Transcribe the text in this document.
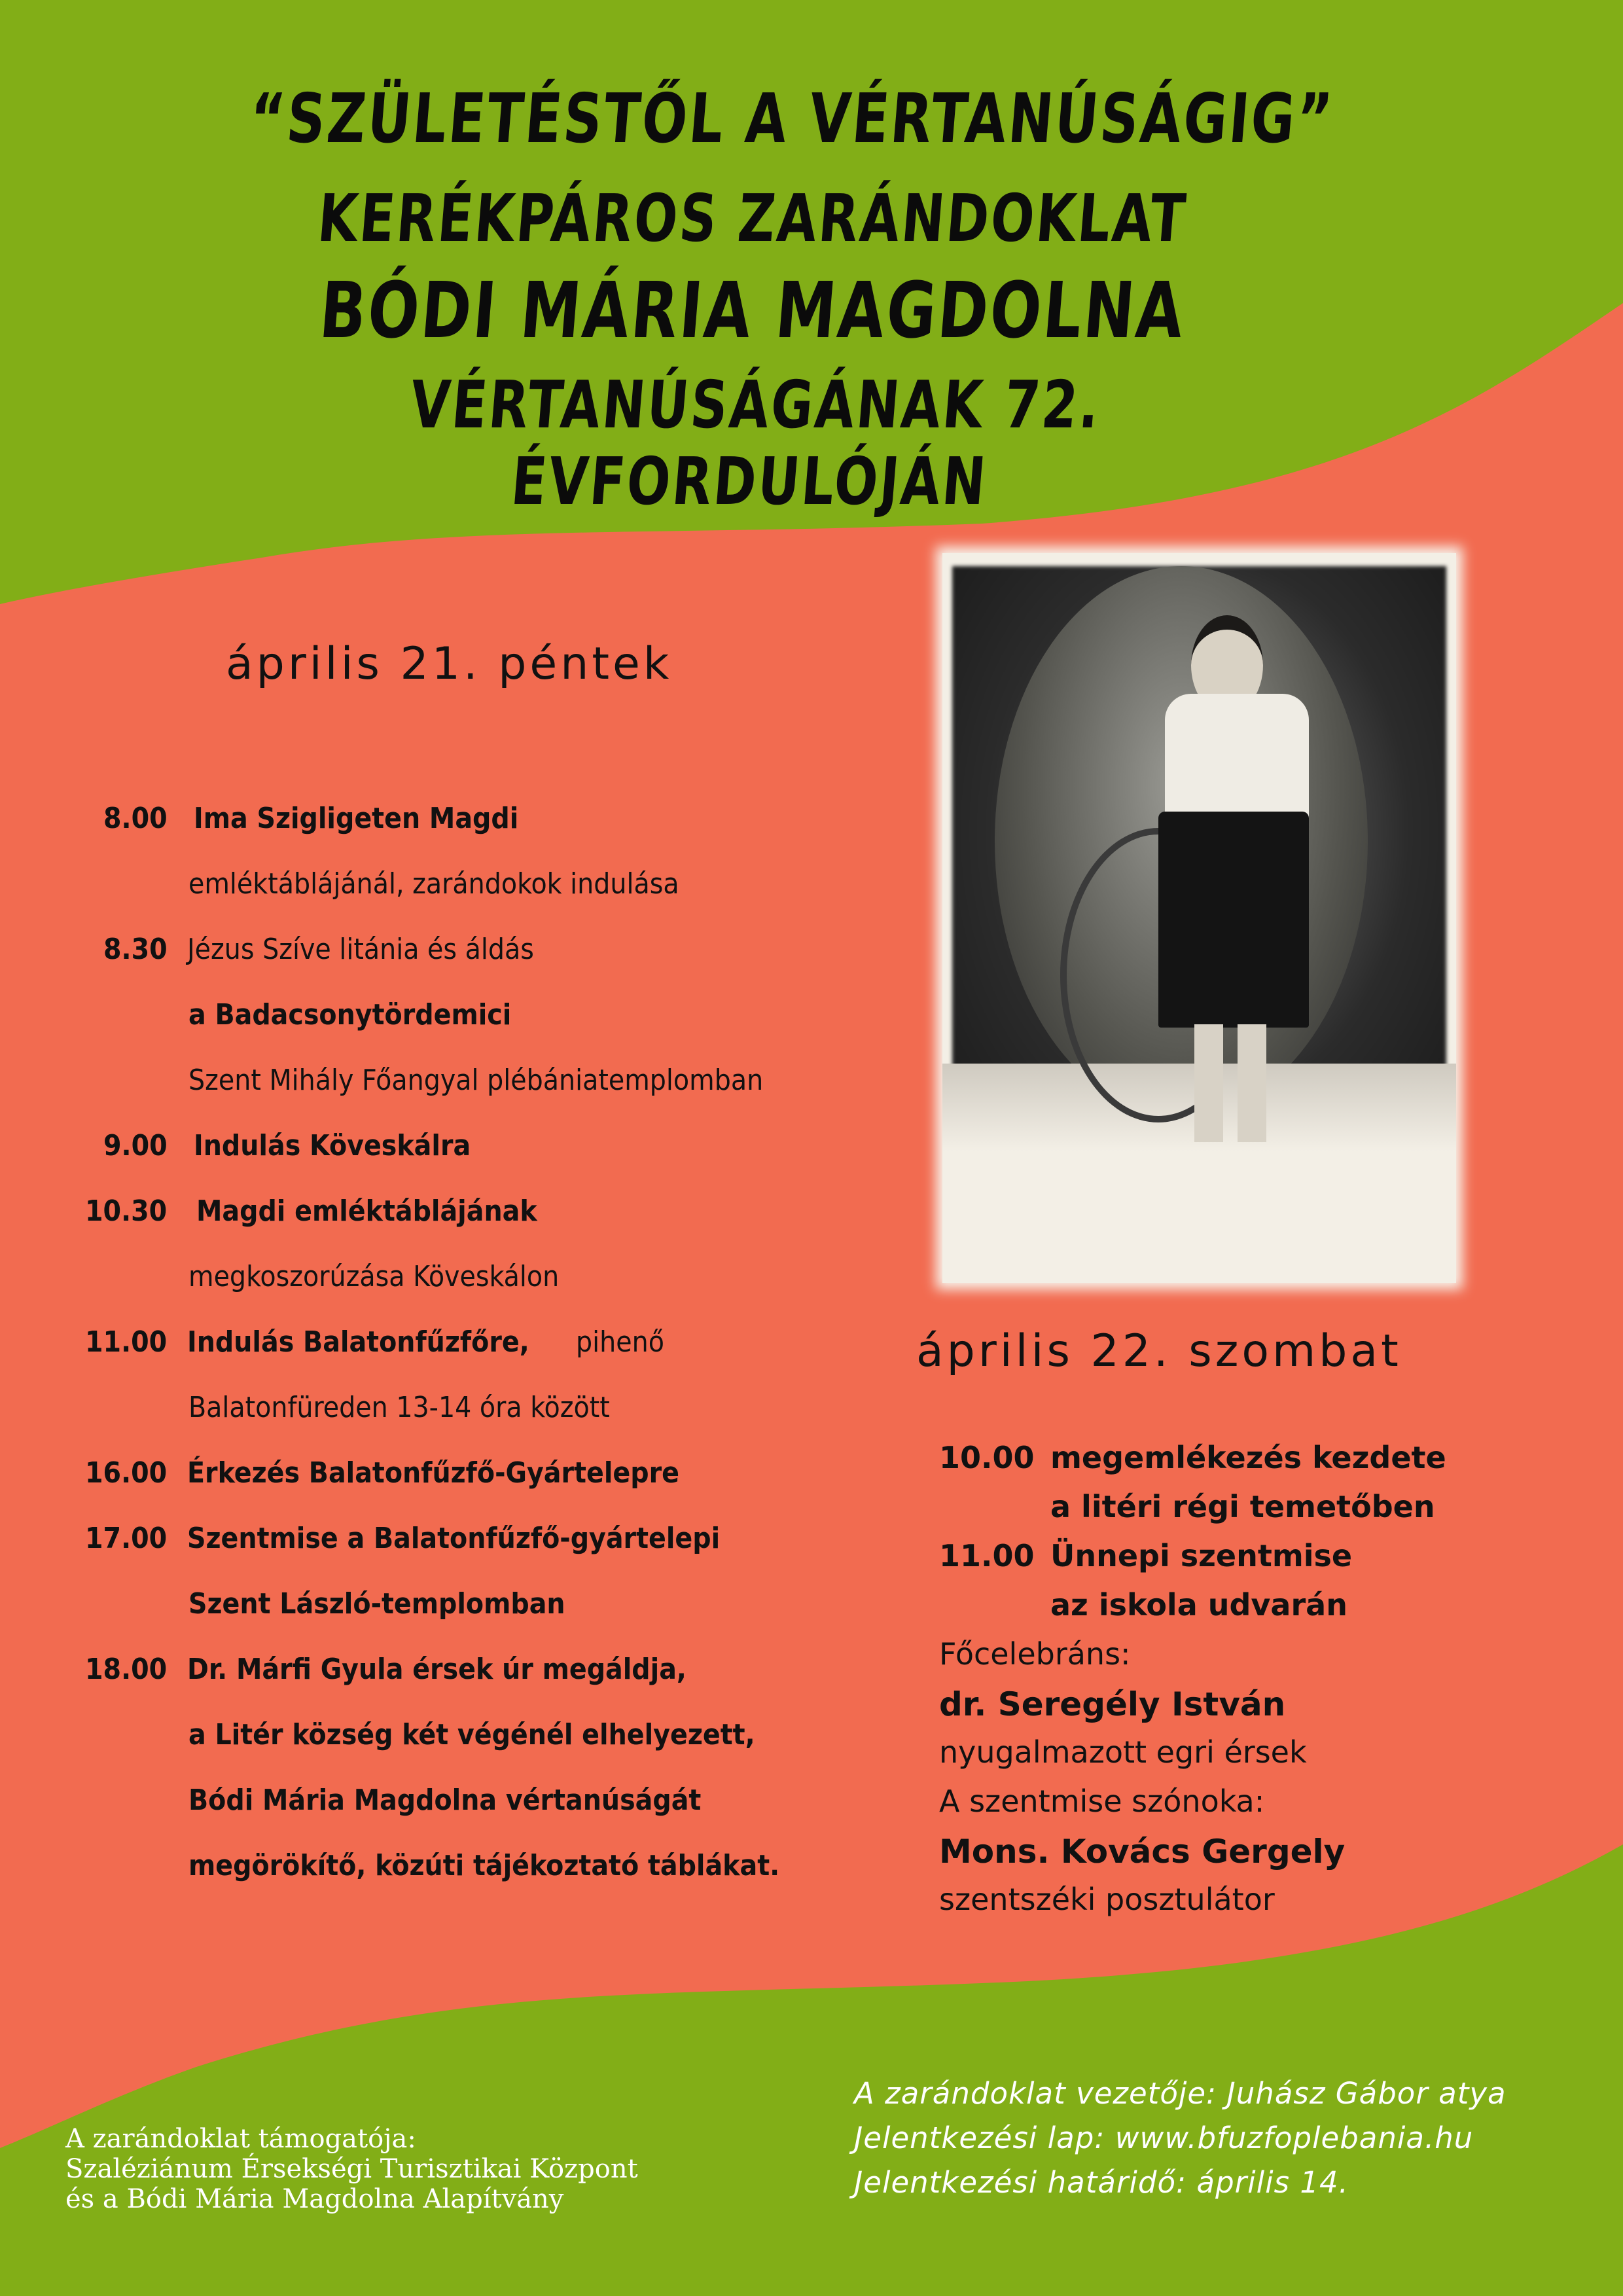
“SZÜLETÉSTŐL A VÉRTANÚSÁGIG”
KERÉKPÁROS ZARÁNDOKLAT
BÓDI MÁRIA MAGDOLNA
VÉRTANÚSÁGÁNAK 72. ÉVFORDULÓJÁN
április 21. péntek
8.00 Ima Szigligeten Magdi
emléktáblájánál, zarándokok indulása
8.30 Jézus Szíve litánia és áldás
a Badacsonytördemici
Szent Mihály Főangyal plébániatemplomban
9.00 Indulás Köveskálra
10.30 Magdi emléktáblájának
megkoszorúzása Köveskálon
11.00 Indulás Balatonfűzfőre, pihenő
Balatonfüreden 13-14 óra között
16.00 Érkezés Balatonfűzfő-Gyártelepre
17.00 Szentmise a Balatonfűzfő-gyártelepi
Szent László-templomban
18.00 Dr. Márfi Gyula érsek úr megáldja,
a Litér község két végénél elhelyezett,
Bódi Mária Magdolna vértanúságát
megörökítő, közúti tájékoztató táblákat.
április 22. szombat
10.00 megemlékezés kezdete
a litéri régi temetőben
11.00 Ünnepi szentmise
az iskola udvarán
Főcelebráns:
dr. Seregély István
nyugalmazott egri érsek
A szentmise szónoka:
Mons. Kovács Gergely
szentszéki posztulátor
A zarándoklat támogatója:
Szaléziánum Érsekségi Turisztikai Központ
és a Bódi Mária Magdolna Alapítvány
A zarándoklat vezetője: Juhász Gábor atya
Jelentkezési lap: www.bfuzfoplebania.hu
Jelentkezési határidő: április 14.
